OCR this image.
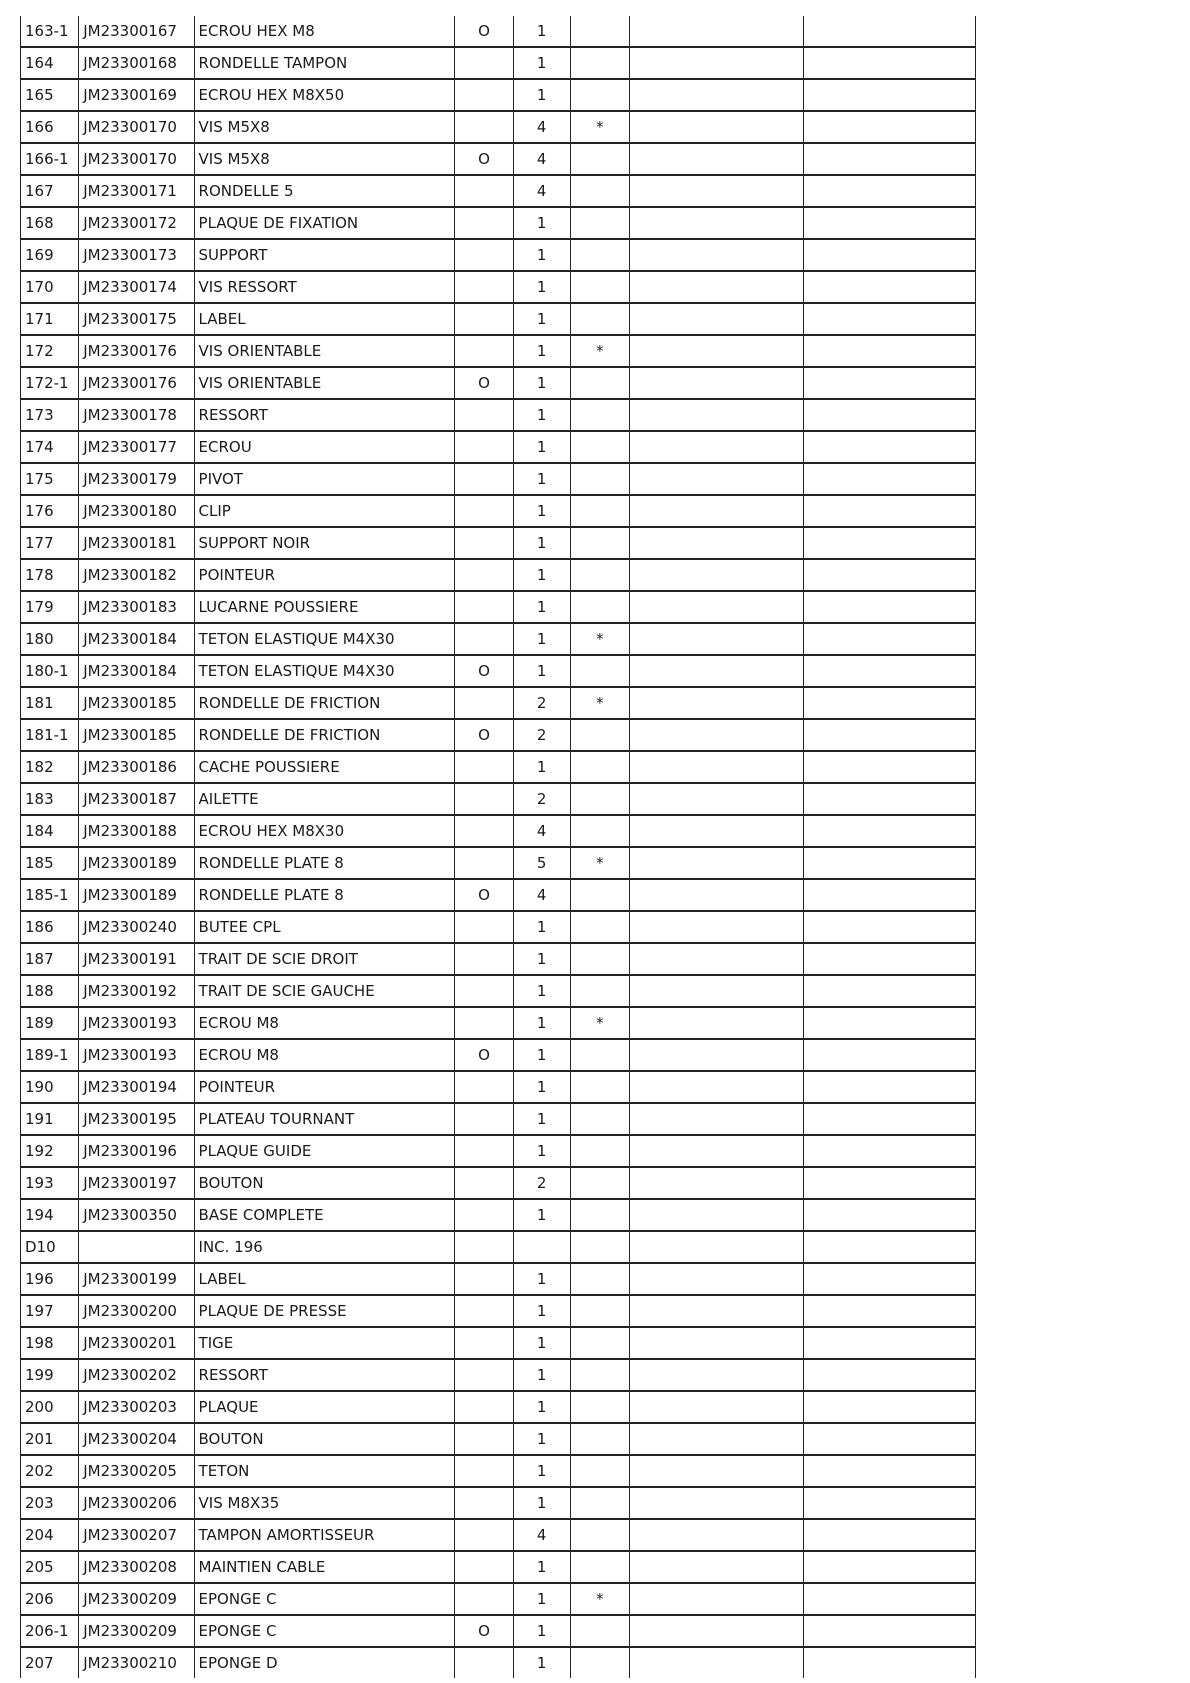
163-1	JM23300167	ECROU HEX M8	O	1			
164	JM23300168	RONDELLE TAMPON		1			
165	JM23300169	ECROU HEX M8X50		1			
166	JM23300170	VIS M5X8		4	*		
166-1	JM23300170	VIS M5X8	O	4			
167	JM23300171	RONDELLE 5		4			
168	JM23300172	PLAQUE DE FIXATION		1			
169	JM23300173	SUPPORT		1			
170	JM23300174	VIS RESSORT		1			
171	JM23300175	LABEL		1			
172	JM23300176	VIS ORIENTABLE		1	*		
172-1	JM23300176	VIS ORIENTABLE	O	1			
173	JM23300178	RESSORT		1			
174	JM23300177	ECROU		1			
175	JM23300179	PIVOT		1			
176	JM23300180	CLIP		1			
177	JM23300181	SUPPORT NOIR		1			
178	JM23300182	POINTEUR		1			
179	JM23300183	LUCARNE POUSSIERE		1			
180	JM23300184	TETON ELASTIQUE M4X30		1	*		
180-1	JM23300184	TETON ELASTIQUE M4X30	O	1			
181	JM23300185	RONDELLE DE FRICTION		2	*		
181-1	JM23300185	RONDELLE DE FRICTION	O	2			
182	JM23300186	CACHE POUSSIERE		1			
183	JM23300187	AILETTE		2			
184	JM23300188	ECROU HEX M8X30		4			
185	JM23300189	RONDELLE PLATE 8		5	*		
185-1	JM23300189	RONDELLE PLATE 8	O	4			
186	JM23300240	BUTEE CPL		1			
187	JM23300191	TRAIT DE SCIE DROIT		1			
188	JM23300192	TRAIT DE SCIE GAUCHE		1			
189	JM23300193	ECROU M8		1	*		
189-1	JM23300193	ECROU M8	O	1			
190	JM23300194	POINTEUR		1			
191	JM23300195	PLATEAU TOURNANT		1			
192	JM23300196	PLAQUE GUIDE		1			
193	JM23300197	BOUTON		2			
194	JM23300350	BASE COMPLETE		1			
D10		INC. 196					
196	JM23300199	LABEL		1			
197	JM23300200	PLAQUE DE PRESSE		1			
198	JM23300201	TIGE		1			
199	JM23300202	RESSORT		1			
200	JM23300203	PLAQUE		1			
201	JM23300204	BOUTON		1			
202	JM23300205	TETON		1			
203	JM23300206	VIS M8X35		1			
204	JM23300207	TAMPON AMORTISSEUR		4			
205	JM23300208	MAINTIEN CABLE		1			
206	JM23300209	EPONGE C		1	*		
206-1	JM23300209	EPONGE C	O	1			
207	JM23300210	EPONGE D		1			
